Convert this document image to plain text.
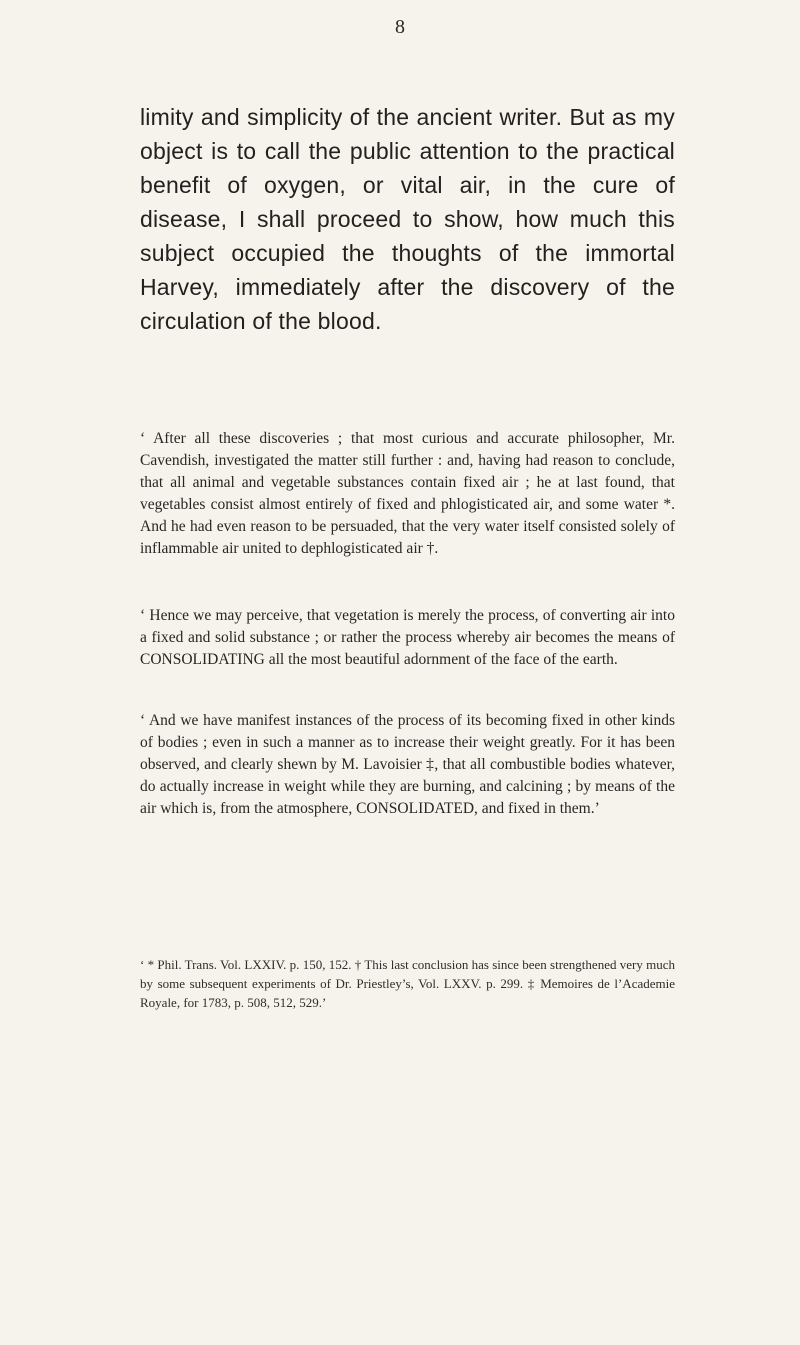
8
limity and simplicity of the ancient writer. But as my object is to call the public attention to the practical benefit of oxygen, or vital air, in the cure of disease, I shall proceed to show, how much this subject occupied the thoughts of the immortal Harvey, immediately after the discovery of the circulation of the blood.
‘ After all these discoveries ; that most curious and accurate philosopher, Mr. Cavendish, investigated the matter still further : and, having had reason to conclude, that all animal and vegetable substances contain fixed air ; he at last found, that vegetables consist almost entirely of fixed and phlogisticated air, and some water *. And he had even reason to be persuaded, that the very water itself consisted solely of inflammable air united to dephlogisticated air †.
‘ Hence we may perceive, that vegetation is merely the process, of converting air into a fixed and solid substance ; or rather the process whereby air becomes the means of CONSOLIDATING all the most beautiful adornment of the face of the earth.
‘ And we have manifest instances of the process of its becoming fixed in other kinds of bodies ; even in such a manner as to increase their weight greatly. For it has been observed, and clearly shewn by M. Lavoisier ‡, that all combustible bodies whatever, do actually increase in weight while they are burning, and calcining ; by means of the air which is, from the atmosphere, CONSOLIDATED, and fixed in them.’
‘ * Phil. Trans. Vol. LXXIV. p. 150, 152. † This last conclusion has since been strengthened very much by some subsequent experiments of Dr. Priestley’s, Vol. LXXV. p. 299. ‡ Memoires de l’Academie Royale, for 1783, p. 508, 512, 529.’
